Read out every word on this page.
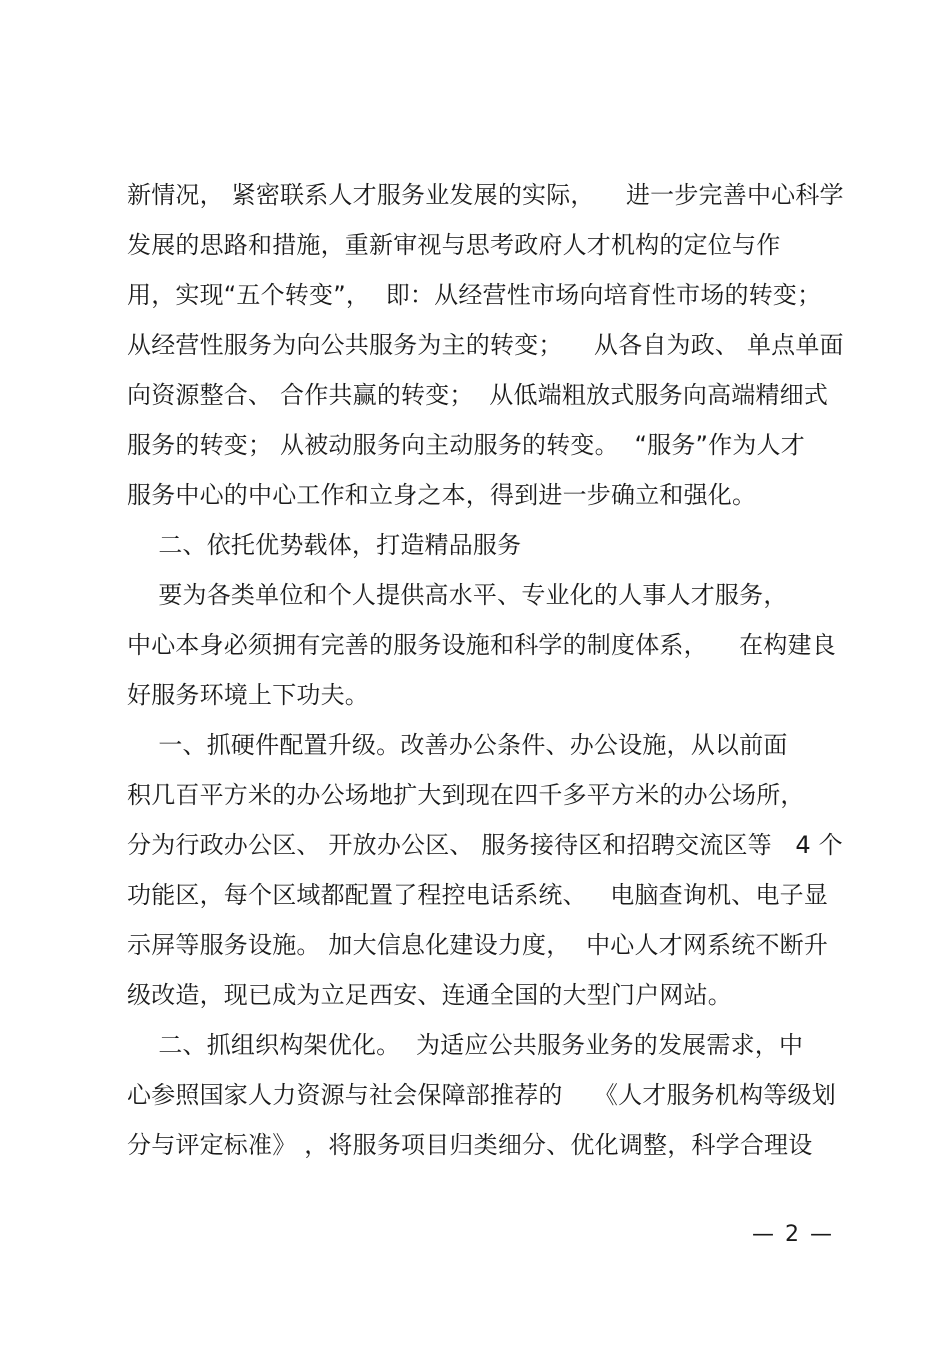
新情况， 紧密联系人才服务业发展的实际，    进一步完善中心科学
发展的思路和措施，重新审视与思考政府人才机构的定位与作
用，实现“五个转变”，  即：从经营性市场向培育性市场的转变；
从经营性服务为向公共服务为主的转变；    从各自为政、 单点单面
向资源整合、 合作共赢的转变；  从低端粗放式服务向高端精细式
服务的转变； 从被动服务向主动服务的转变。  “服务”作为人才
服务中心的中心工作和立身之本，得到进一步确立和强化。
二、依托优势载体，打造精品服务
要为各类单位和个人提供高水平、专业化的人事人才服务，
中心本身必须拥有完善的服务设施和科学的制度体系，    在构建良
好服务环境上下功夫。
一、抓硬件配置升级。改善办公条件、办公设施，从以前面
积几百平方米的办公场地扩大到现在四千多平方米的办公场所，
分为行政办公区、 开放办公区、 服务接待区和招聘交流区等   4 个
功能区，每个区域都配置了程控电话系统、   电脑查询机、电子显
示屏等服务设施。 加大信息化建设力度，  中心人才网系统不断升
级改造，现已成为立足西安、连通全国的大型门户网站。
二、抓组织构架优化。  为适应公共服务业务的发展需求，中
心参照国家人力资源与社会保障部推荐的    《人才服务机构等级划
分与评定标准》 ，将服务项目归类细分、优化调整，科学合理设
— 2 —
